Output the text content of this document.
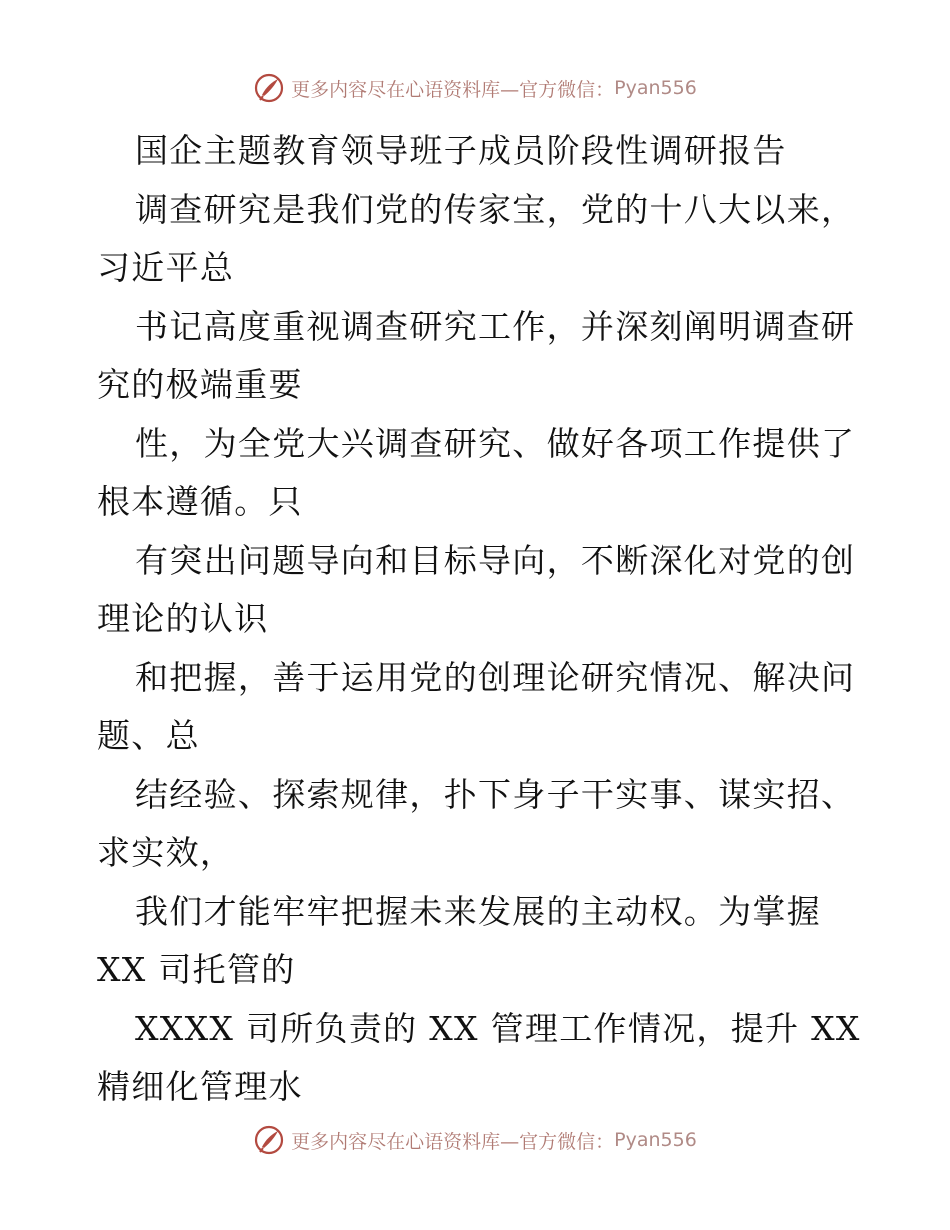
更多内容尽在心语资料库—官方微信： Pyan556
国企主题教育领导班子成员阶段性调研报告
调查研究是我们党的传家宝，党的十八大以来，
习近平总
书记高度重视调查研究工作，并深刻阐明调查研
究的极端重要
性，为全党大兴调查研究、做好各项工作提供了
根本遵循。只
有突出问题导向和目标导向，不断深化对党的创
理论的认识
和把握，善于运用党的创理论研究情况、解决问
题、总
结经验、探索规律，扑下身子干实事、谋实招、
求实效，
我们才能牢牢把握未来发展的主动权。为掌握
XX 司托管的
XXXX 司所负责的 XX 管理工作情况，提升 XX
精细化管理水
更多内容尽在心语资料库—官方微信： Pyan556
